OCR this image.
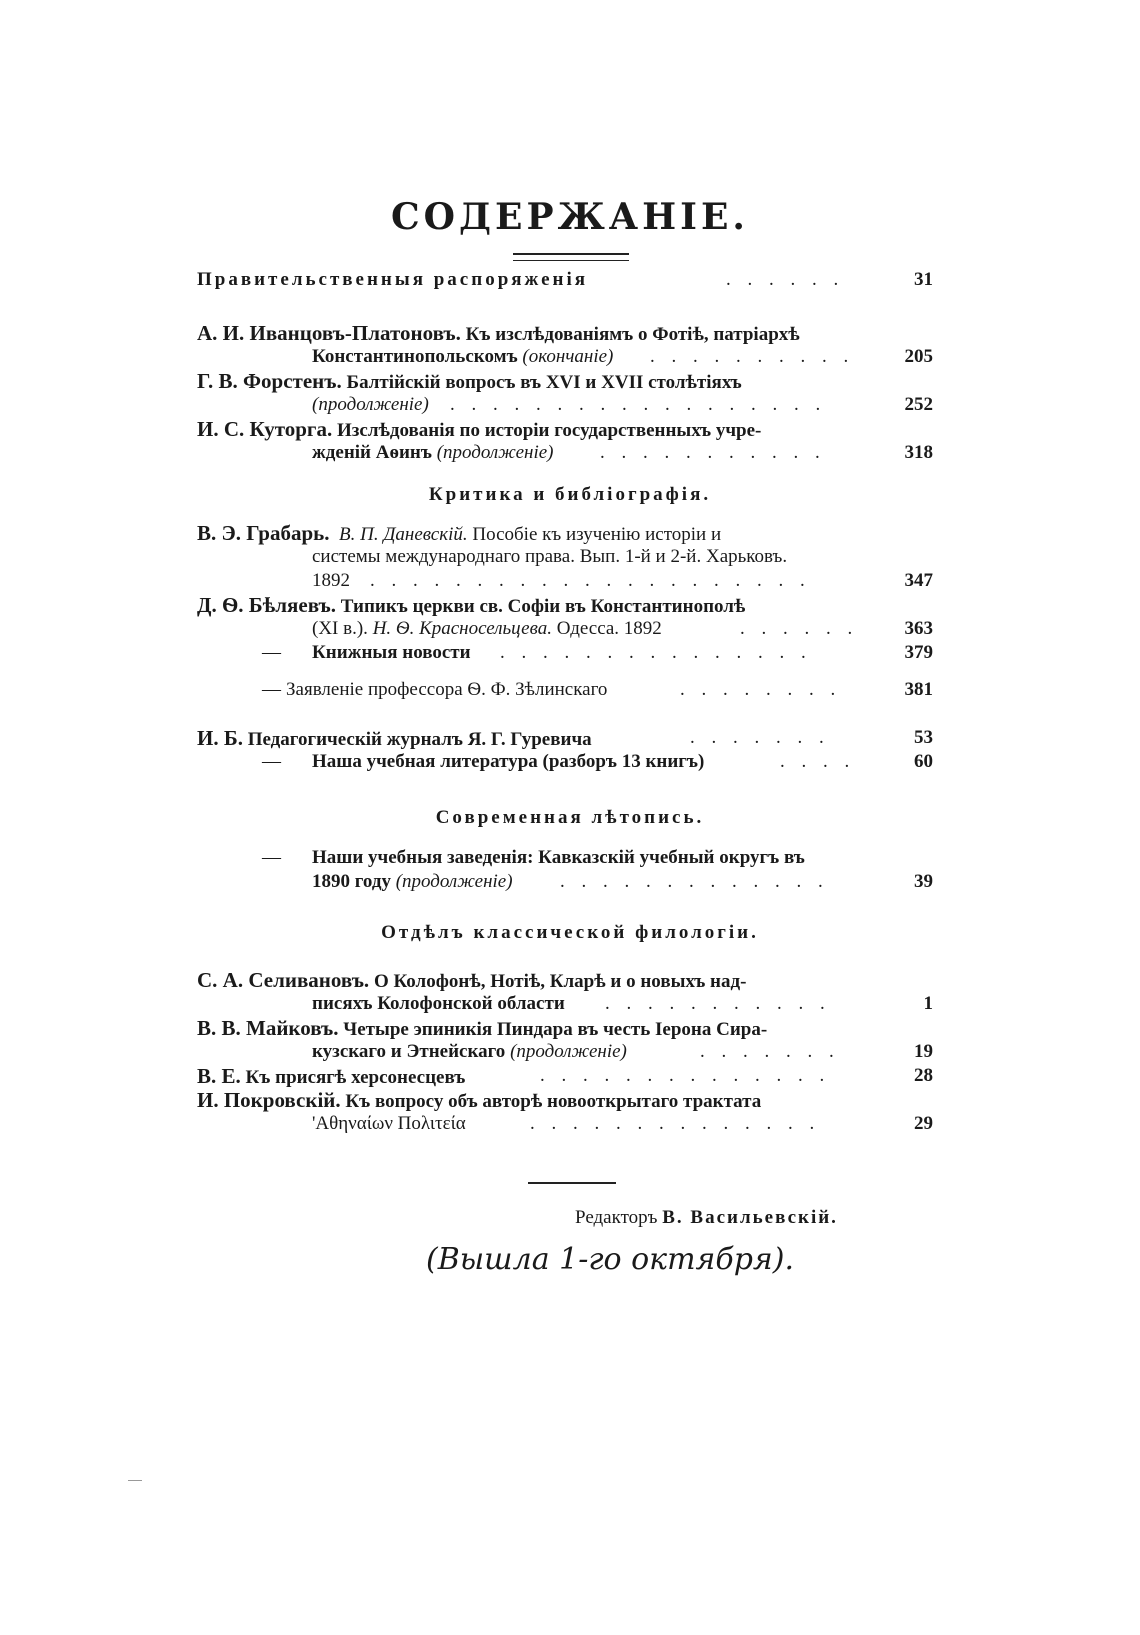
СОДЕРЖАНІЕ.
Правительственныя распоряженія	. . . . . .	31
А. И. Иванцовъ-Платоновъ. Къ изслѣдованіямъ о Фотіѣ, патріархѣ
Константинопольскомъ (окончаніе) . . . . . . . . . .	205
Г. В. Форстенъ. Балтійскій вопросъ въ XVI и XVII столѣтіяхъ
(продолженіе) . . . . . . . . . . . . . . . . . .	252
И. С. Куторга. Изслѣдованія по исторіи государственныхъ учре-
жденій Аѳинъ (продолженіе) . . . . . . . . . . .	318
Критика и библіографія.
В. Э. Грабарь. В. П. Даневскій. Пособіе къ изученію исторіи и
системы международнаго права. Вып. 1-й и 2-й. Харьковъ.
1892 . . . . . . . . . . . . . . . . . . . . .	347
Д. Ѳ. Бѣляевъ. Типикъ церкви св. Софіи въ Константинополѣ
(XI в.). Н. Ѳ. Красносельцева. Одесса. 1892	. . . . . .	363
— Книжныя новости . . . . . . . . . . . . . . .	379
— Заявленіе профессора Ѳ. Ф. Зѣлинскаго	. . . . . . . .	381
И. Б. Педагогическій журналъ Я. Г. Гуревича	. . . . . . .	53
— Наша учебная литература (разборъ 13 книгъ)	. . . .	60
Современная лѣтопись.
— Наши учебныя заведенія: Кавказскій учебный округъ въ
1890 году (продолженіе) . . . . . . . . . . . . .	39
Отдѣлъ классической филологіи.
С. А. Селивановъ. О Колофонѣ, Нотіѣ, Кларѣ и о новыхъ над-
писяхъ Колофонской области . . . . . . . . . . .	1
В. В. Майковъ. Четыре эпиникія Пиндара въ честь Іерона Сира-
кузскаго и Этнейскаго (продолженіе)	. . . . . . .	19
В. Е. Къ присягѣ херсонесцевъ	. . . . . . . . . . . . . .	28
И. Покровскій. Къ вопросу объ авторѣ новооткрытаго трактата
'Αθηναίων Πολιτεία	. . . . . . . . . . . . . .	29
Редакторъ В. Васильевскій.
(Вышла 1-го октября).
